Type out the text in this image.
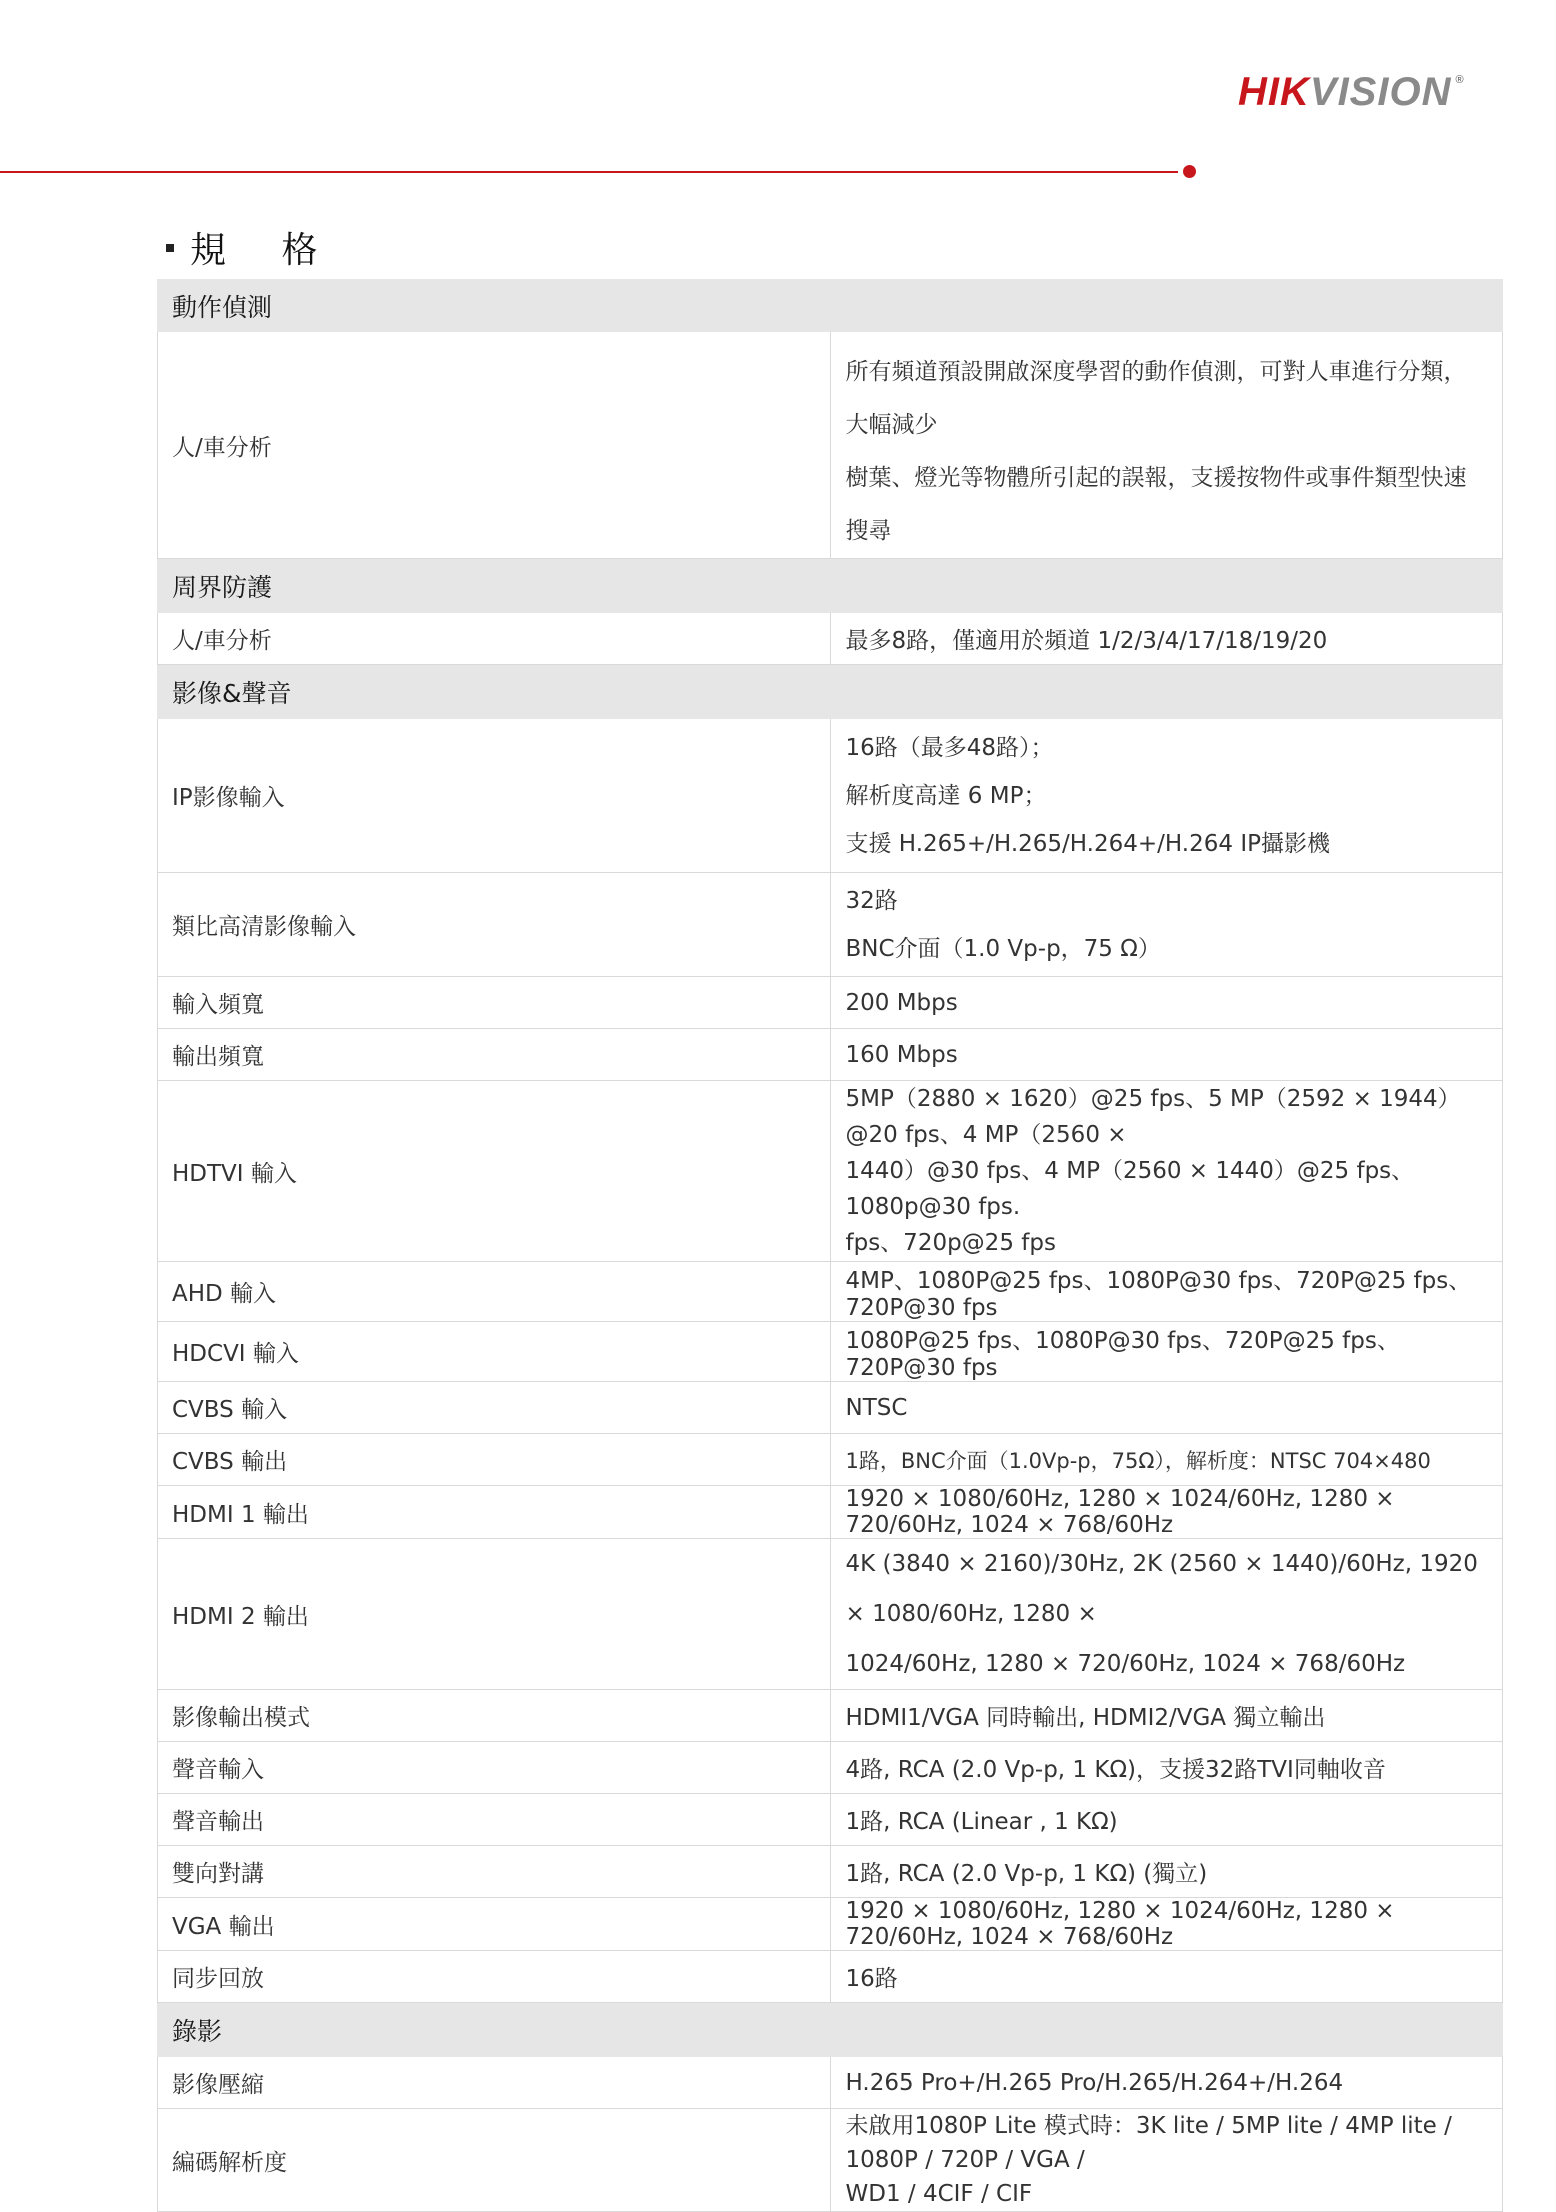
HIKVISION ®
規 格
動作偵測	
人/車分析	所有頻道預設開啟深度學習的動作偵測，可對人車進行分類，大幅減少
樹葉、燈光等物體所引起的誤報，支援按物件或事件類型快速搜尋

周界防護	
人/車分析	最多8路，僅適用於頻道 1/2/3/4/17/18/19/20

影像&聲音	
IP影像輸入	16路（最多48路）；
解析度高達 6 MP；
支援 H.265+/H.265/H.264+/H.264 IP攝影機

類比高清影像輸入	32路
BNC介面（1.0 Vp-p，75 Ω）

輸入頻寬	200 Mbps

輸出頻寬	160 Mbps

HDTVI 輸入	5MP（2880 × 1620）@25 fps、5 MP（2592 × 1944）@20 fps、4 MP（2560 ×
1440）@30 fps、4 MP（2560 × 1440）@25 fps、1080p@30 fps.
fps、720p@25 fps

AHD 輸入	4MP、1080P@25 fps、1080P@30 fps、720P@25 fps、720P@30 fps

HDCVI 輸入	1080P@25 fps、1080P@30 fps、720P@25 fps、720P@30 fps

CVBS 輸入	NTSC

CVBS 輸出	1路，BNC介面（1.0Vp-p，75Ω），解析度：NTSC 704×480

HDMI 1 輸出	1920 × 1080/60Hz, 1280 × 1024/60Hz, 1280 × 720/60Hz, 1024 × 768/60Hz

HDMI 2 輸出	4K (3840 × 2160)/30Hz, 2K (2560 × 1440)/60Hz, 1920 × 1080/60Hz, 1280 ×
1024/60Hz, 1280 × 720/60Hz, 1024 × 768/60Hz

影像輸出模式	HDMI1/VGA 同時輸出, HDMI2/VGA 獨立輸出

聲音輸入	4路, RCA (2.0 Vp-p, 1 KΩ)，支援32路TVI同軸收音

聲音輸出	1路, RCA (Linear , 1 KΩ)

雙向對講	1路, RCA (2.0 Vp-p, 1 KΩ) (獨立)

VGA 輸出	1920 × 1080/60Hz, 1280 × 1024/60Hz, 1280 × 720/60Hz, 1024 × 768/60Hz

同步回放	16路

錄影	
影像壓縮	H.265 Pro+/H.265 Pro/H.265/H.264+/H.264

編碼解析度	未啟用1080P Lite 模式時：3K lite / 5MP lite / 4MP lite / 1080P / 720P / VGA /
WD1 / 4CIF / CIF
